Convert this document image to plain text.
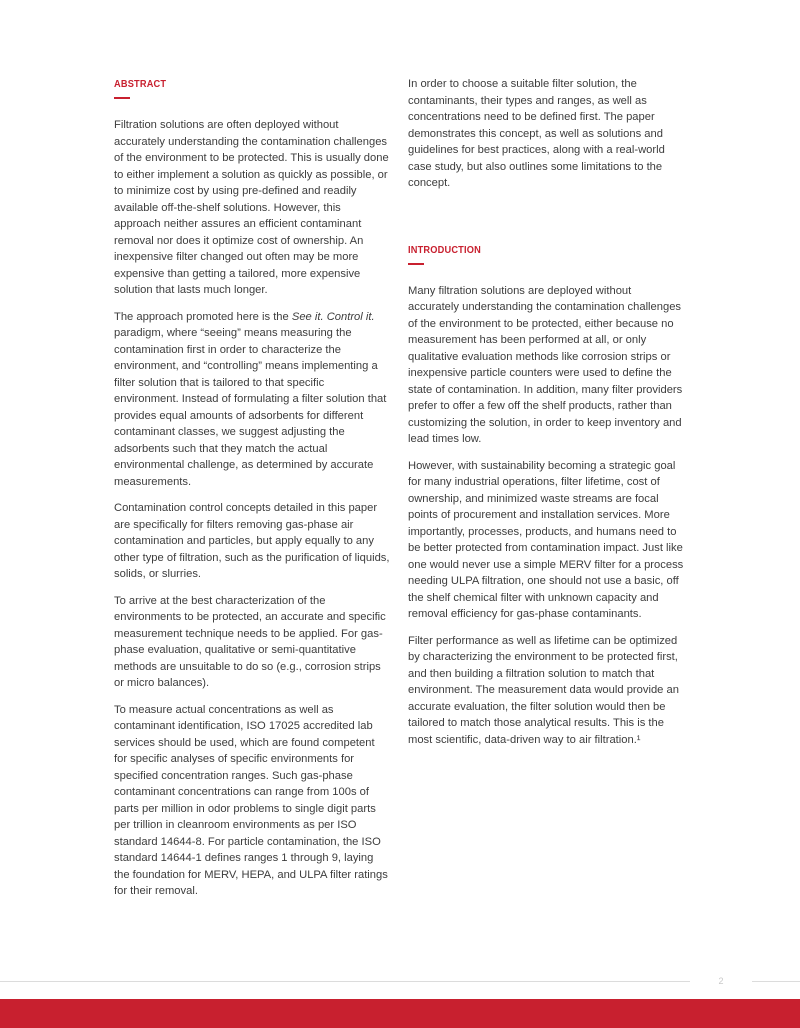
ABSTRACT

Filtration solutions are often deployed without accurately understanding the contamination challenges of the environment to be protected. This is usually done to either implement a solution as quickly as possible, or to minimize cost by using pre-defined and readily available off-the-shelf solutions. However, this approach neither assures an efficient contaminant removal nor does it optimize cost of ownership. An inexpensive filter changed out often may be more expensive than getting a tailored, more expensive solution that lasts much longer.

The approach promoted here is the See it. Control it. paradigm, where “seeing” means measuring the contamination first in order to characterize the environment, and “controlling” means implementing a filter solution that is tailored to that specific environment. Instead of formulating a filter solution that provides equal amounts of adsorbents for different contaminant classes, we suggest adjusting the adsorbents such that they match the actual environmental challenge, as determined by accurate measurements.

Contamination control concepts detailed in this paper are specifically for filters removing gas-phase air contamination and particles, but apply equally to any other type of filtration, such as the purification of liquids, solids, or slurries.

To arrive at the best characterization of the environments to be protected, an accurate and specific measurement technique needs to be applied. For gas-phase evaluation, qualitative or semi-quantitative methods are unsuitable to do so (e.g., corrosion strips or micro balances).

To measure actual concentrations as well as contaminant identification, ISO 17025 accredited lab services should be used, which are found competent for specific analyses of specific environments for specified concentration ranges. Such gas-phase contaminant concentrations can range from 100s of parts per million in odor problems to single digit parts per trillion in cleanroom environments as per ISO standard 14644-8. For particle contamination, the ISO standard 14644-1 defines ranges 1 through 9, laying the foundation for MERV, HEPA, and ULPA filter ratings for their removal.

In order to choose a suitable filter solution, the contaminants, their types and ranges, as well as concentrations need to be defined first. The paper demonstrates this concept, as well as solutions and guidelines for best practices, along with a real-world case study, but also outlines some limitations to the concept.

INTRODUCTION

Many filtration solutions are deployed without accurately understanding the contamination challenges of the environment to be protected, either because no measurement has been performed at all, or only qualitative evaluation methods like corrosion strips or inexpensive particle counters were used to define the state of contamination. In addition, many filter providers prefer to offer a few off the shelf products, rather than customizing the solution, in order to keep inventory and lead times low.

However, with sustainability becoming a strategic goal for many industrial operations, filter lifetime, cost of ownership, and minimized waste streams are focal points of procurement and installation services. More importantly, processes, products, and humans need to be better protected from contamination impact. Just like one would never use a simple MERV filter for a process needing ULPA filtration, one should not use a basic, off the shelf chemical filter with unknown capacity and removal efficiency for gas-phase contaminants.

Filter performance as well as lifetime can be optimized by characterizing the environment to be protected first, and then building a filtration solution to match that environment. The measurement data would provide an accurate evaluation, the filter solution would then be tailored to match those analytical results. This is the most scientific, data-driven way to air filtration.¹

2
